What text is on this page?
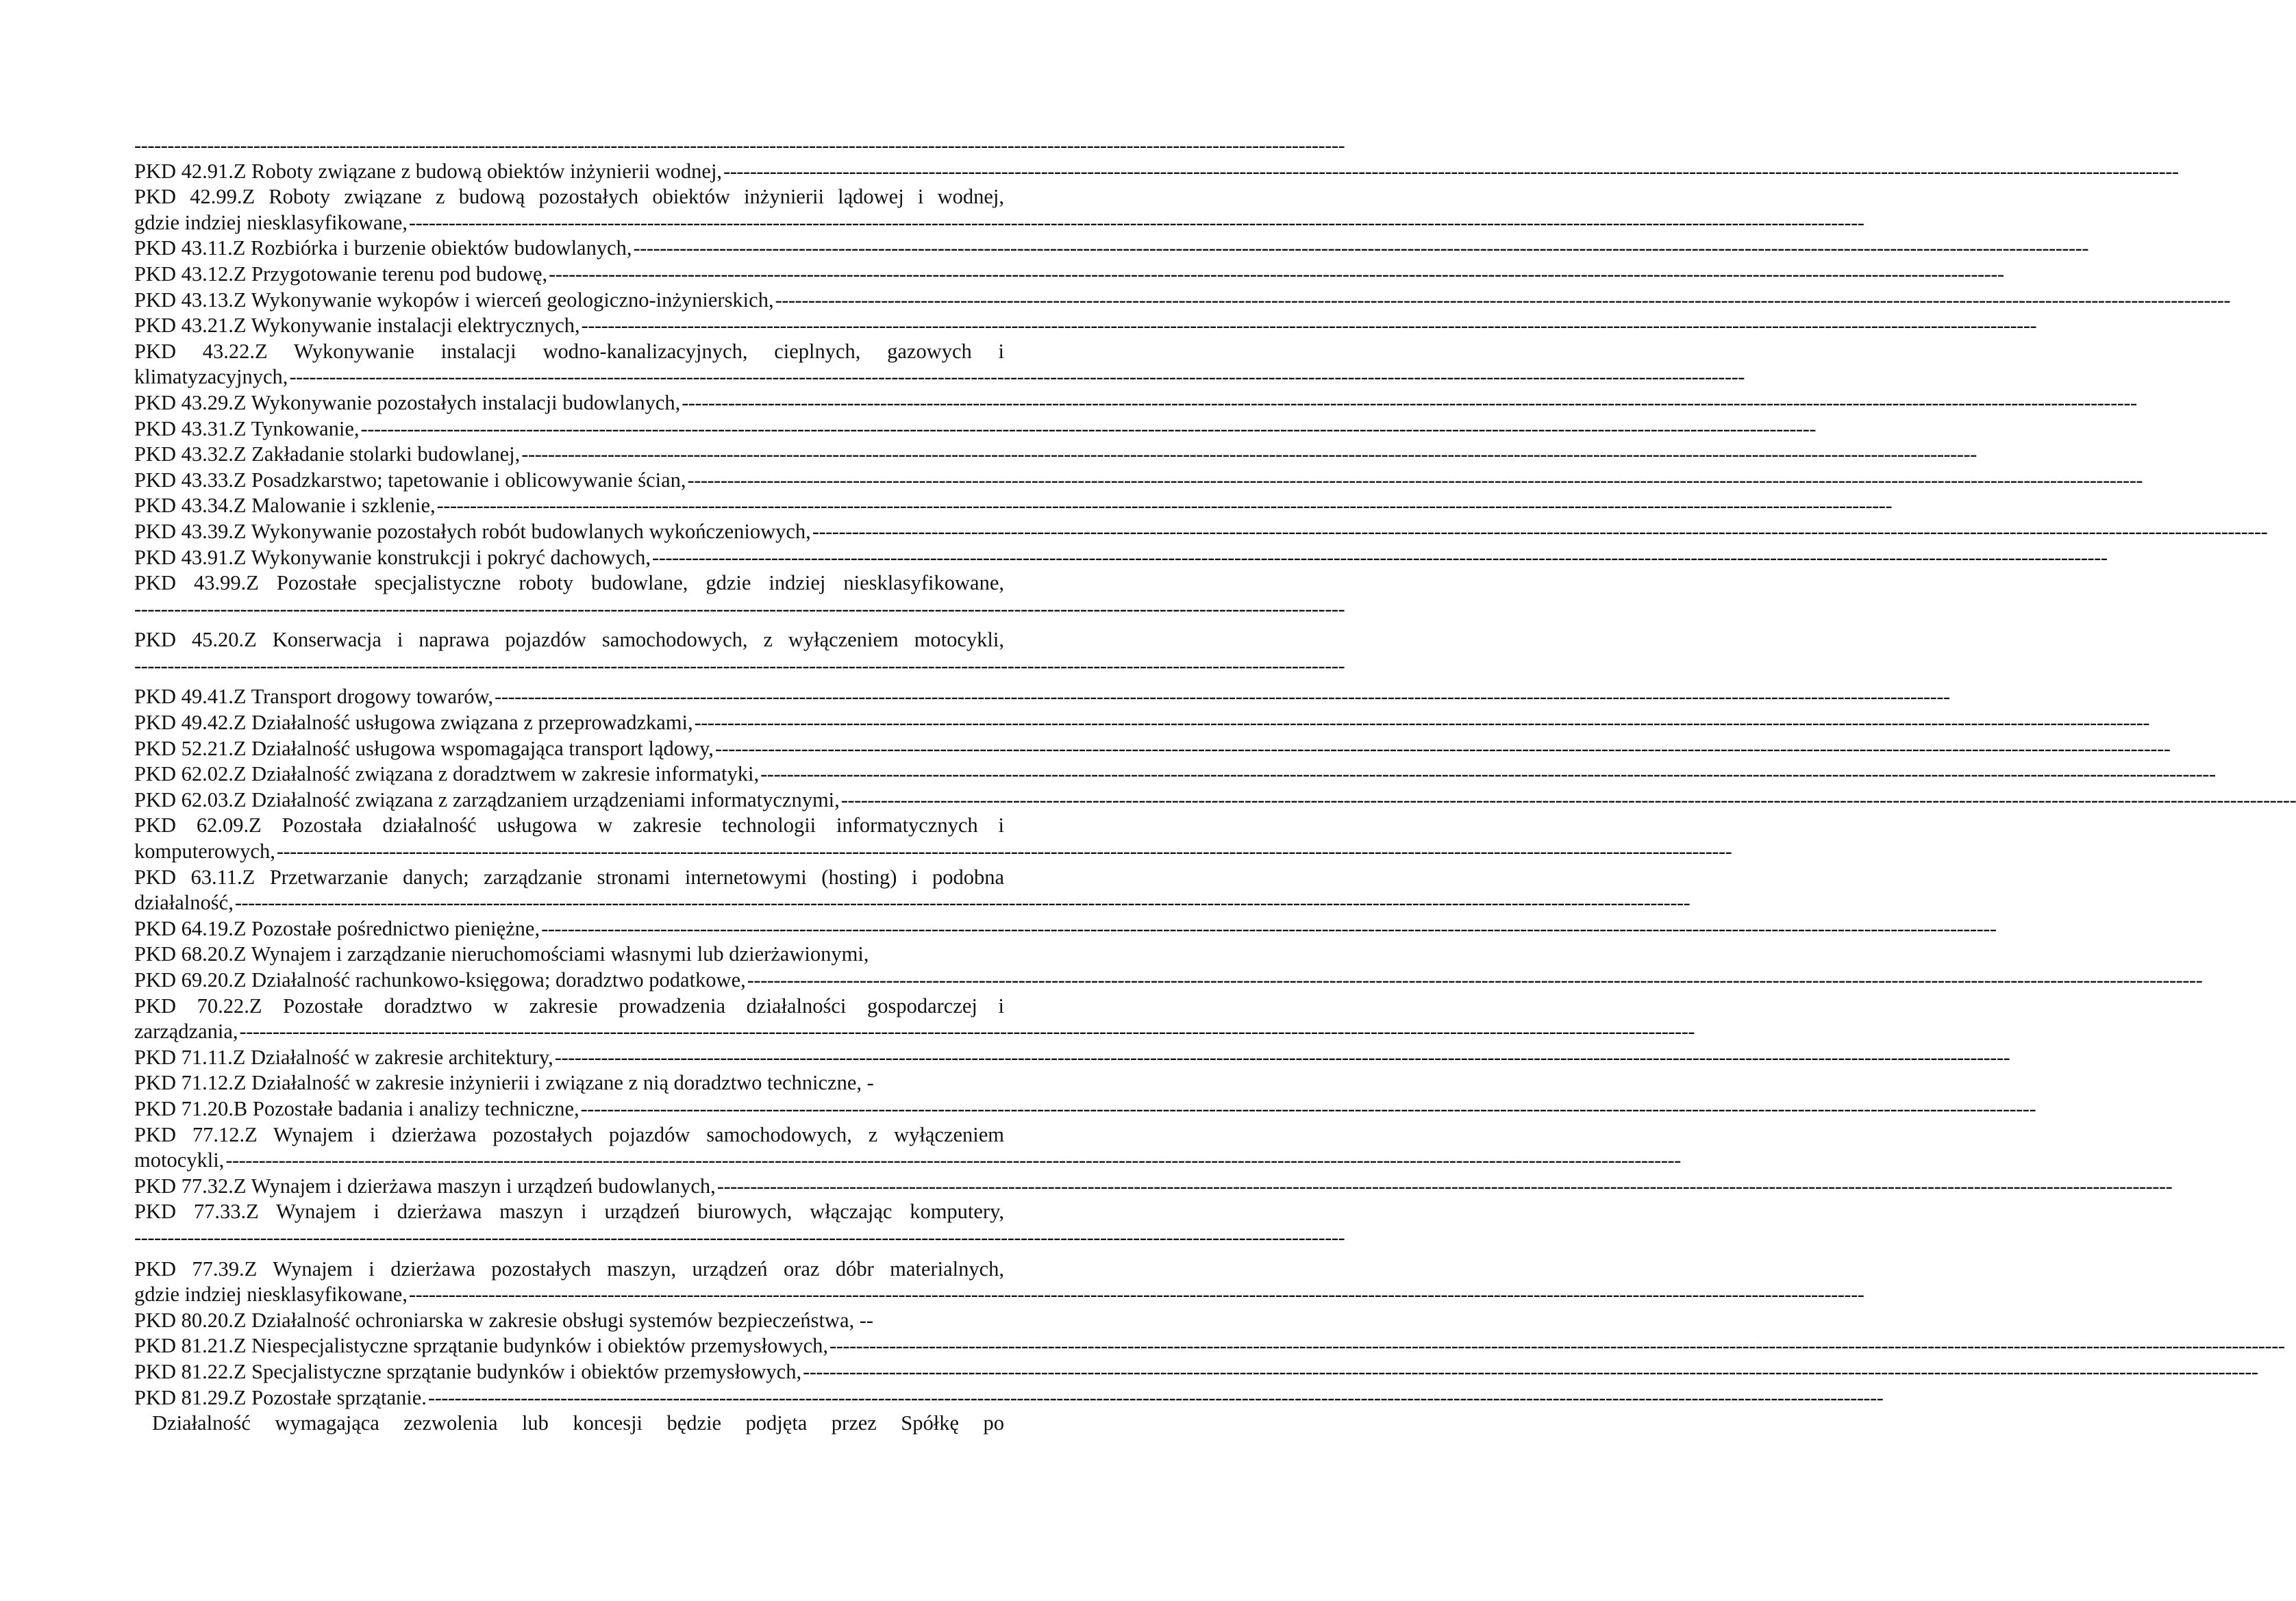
---------------------------------------------------------------------------------------------------------------------------------------------------------------------------------------
PKD 42.91.Z Roboty związane z budową obiektów inżynierii wodnej, ----------------------------------------------------------------------------------------------------------------------------------------------------------------------------------------------------------------------------
PKD 42.99.Z Roboty związane z budową pozostałych obiektów inżynierii lądowej i wodnej,
gdzie indziej niesklasyfikowane, ----------------------------------------------------------------------------------------------------------------------------------------------------------------------------------------------------------------------------
PKD 43.11.Z Rozbiórka i burzenie obiektów budowlanych, ----------------------------------------------------------------------------------------------------------------------------------------------------------------------------------------------------------------------------
PKD 43.12.Z Przygotowanie terenu pod budowę, ----------------------------------------------------------------------------------------------------------------------------------------------------------------------------------------------------------------------------
PKD 43.13.Z Wykonywanie wykopów i wierceń geologiczno-inżynierskich, ----------------------------------------------------------------------------------------------------------------------------------------------------------------------------------------------------------------------------
PKD 43.21.Z Wykonywanie instalacji elektrycznych, ----------------------------------------------------------------------------------------------------------------------------------------------------------------------------------------------------------------------------
PKD 43.22.Z Wykonywanie instalacji wodno-kanalizacyjnych, cieplnych, gazowych i
klimatyzacyjnych, ----------------------------------------------------------------------------------------------------------------------------------------------------------------------------------------------------------------------------
PKD 43.29.Z Wykonywanie pozostałych instalacji budowlanych, ----------------------------------------------------------------------------------------------------------------------------------------------------------------------------------------------------------------------------
PKD 43.31.Z Tynkowanie, ----------------------------------------------------------------------------------------------------------------------------------------------------------------------------------------------------------------------------
PKD 43.32.Z Zakładanie stolarki budowlanej, ----------------------------------------------------------------------------------------------------------------------------------------------------------------------------------------------------------------------------
PKD 43.33.Z Posadzkarstwo; tapetowanie i oblicowywanie ścian, ----------------------------------------------------------------------------------------------------------------------------------------------------------------------------------------------------------------------------
PKD 43.34.Z Malowanie i szklenie, ----------------------------------------------------------------------------------------------------------------------------------------------------------------------------------------------------------------------------
PKD 43.39.Z Wykonywanie pozostałych robót budowlanych wykończeniowych, ----------------------------------------------------------------------------------------------------------------------------------------------------------------------------------------------------------------------------
PKD 43.91.Z Wykonywanie konstrukcji i pokryć dachowych, ----------------------------------------------------------------------------------------------------------------------------------------------------------------------------------------------------------------------------
PKD 43.99.Z Pozostałe specjalistyczne roboty budowlane, gdzie indziej niesklasyfikowane,
---------------------------------------------------------------------------------------------------------------------------------------------------------------------------------------
PKD 45.20.Z Konserwacja i naprawa pojazdów samochodowych, z wyłączeniem motocykli,
---------------------------------------------------------------------------------------------------------------------------------------------------------------------------------------
PKD 49.41.Z Transport drogowy towarów, ----------------------------------------------------------------------------------------------------------------------------------------------------------------------------------------------------------------------------
PKD 49.42.Z Działalność usługowa związana z przeprowadzkami, ----------------------------------------------------------------------------------------------------------------------------------------------------------------------------------------------------------------------------
PKD 52.21.Z Działalność usługowa wspomagająca transport lądowy, ----------------------------------------------------------------------------------------------------------------------------------------------------------------------------------------------------------------------------
PKD 62.02.Z Działalność związana z doradztwem w zakresie informatyki, ----------------------------------------------------------------------------------------------------------------------------------------------------------------------------------------------------------------------------
PKD 62.03.Z Działalność związana z zarządzaniem urządzeniami informatycznymi, ----------------------------------------------------------------------------------------------------------------------------------------------------------------------------------------------------------------------------
PKD 62.09.Z Pozostała działalność usługowa w zakresie technologii informatycznych i
komputerowych, ----------------------------------------------------------------------------------------------------------------------------------------------------------------------------------------------------------------------------
PKD 63.11.Z Przetwarzanie danych; zarządzanie stronami internetowymi (hosting) i podobna
działalność, ----------------------------------------------------------------------------------------------------------------------------------------------------------------------------------------------------------------------------
PKD 64.19.Z Pozostałe pośrednictwo pieniężne, ----------------------------------------------------------------------------------------------------------------------------------------------------------------------------------------------------------------------------
PKD 68.20.Z Wynajem i zarządzanie nieruchomościami własnymi lub dzierżawionymi,
PKD 69.20.Z Działalność rachunkowo-księgowa; doradztwo podatkowe, ----------------------------------------------------------------------------------------------------------------------------------------------------------------------------------------------------------------------------
PKD 70.22.Z Pozostałe doradztwo w zakresie prowadzenia działalności gospodarczej i
zarządzania, ----------------------------------------------------------------------------------------------------------------------------------------------------------------------------------------------------------------------------
PKD 71.11.Z Działalność w zakresie architektury, ----------------------------------------------------------------------------------------------------------------------------------------------------------------------------------------------------------------------------
PKD 71.12.Z Działalność w zakresie inżynierii i związane z nią doradztwo techniczne, -
PKD 71.20.B Pozostałe badania i analizy techniczne, ----------------------------------------------------------------------------------------------------------------------------------------------------------------------------------------------------------------------------
PKD 77.12.Z Wynajem i dzierżawa pozostałych pojazdów samochodowych, z wyłączeniem
motocykli, ----------------------------------------------------------------------------------------------------------------------------------------------------------------------------------------------------------------------------
PKD 77.32.Z Wynajem i dzierżawa maszyn i urządzeń budowlanych, ----------------------------------------------------------------------------------------------------------------------------------------------------------------------------------------------------------------------------
PKD 77.33.Z Wynajem i dzierżawa maszyn i urządzeń biurowych, włączając komputery,
---------------------------------------------------------------------------------------------------------------------------------------------------------------------------------------
PKD 77.39.Z Wynajem i dzierżawa pozostałych maszyn, urządzeń oraz dóbr materialnych,
gdzie indziej niesklasyfikowane, ----------------------------------------------------------------------------------------------------------------------------------------------------------------------------------------------------------------------------
PKD 80.20.Z Działalność ochroniarska w zakresie obsługi systemów bezpieczeństwa, --
PKD 81.21.Z Niespecjalistyczne sprzątanie budynków i obiektów przemysłowych, ----------------------------------------------------------------------------------------------------------------------------------------------------------------------------------------------------------------------------
PKD 81.22.Z Specjalistyczne sprzątanie budynków i obiektów przemysłowych, ----------------------------------------------------------------------------------------------------------------------------------------------------------------------------------------------------------------------------
PKD 81.29.Z Pozostałe sprzątanie. ----------------------------------------------------------------------------------------------------------------------------------------------------------------------------------------------------------------------------
Działalność wymagająca zezwolenia lub koncesji będzie podjęta przez Spółkę po
